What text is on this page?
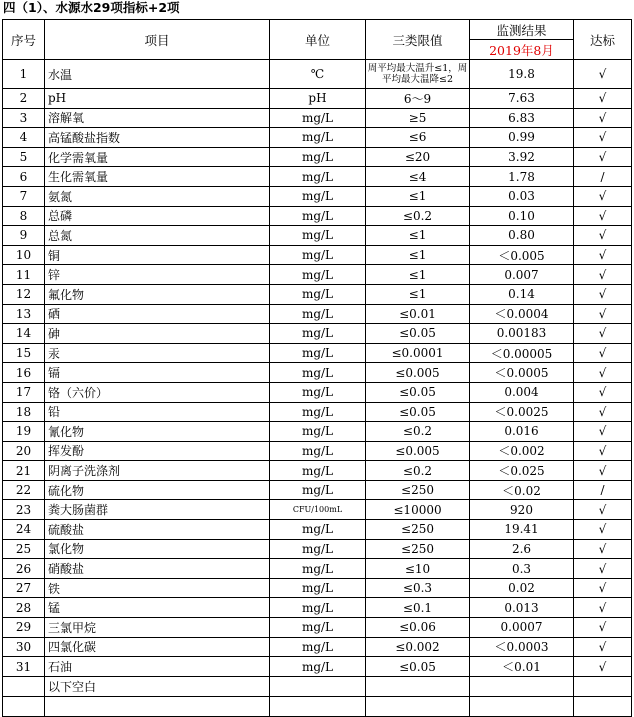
四（1）、水源水29项指标+2项
序号	项目	单位	三类限值	监测结果	达标
				2019年8月	
1	水温	℃	周平均最大温升≤1，周平均最大温降≤2	19.8	√
2	pH	pH	6～9	7.63	√
3	溶解氧	mg/L	≥5	6.83	√
4	高锰酸盐指数	mg/L	≤6	0.99	√
5	化学需氧量	mg/L	≤20	3.92	√
6	生化需氧量	mg/L	≤4	1.78	/
7	氨氮	mg/L	≤1	0.03	√
8	总磷	mg/L	≤0.2	0.10	√
9	总氮	mg/L	≤1	0.80	√
10	铜	mg/L	≤1	＜0.005	√
11	锌	mg/L	≤1	0.007	√
12	氟化物	mg/L	≤1	0.14	√
13	硒	mg/L	≤0.01	＜0.0004	√
14	砷	mg/L	≤0.05	0.00183	√
15	汞	mg/L	≤0.0001	＜0.00005	√
16	镉	mg/L	≤0.005	＜0.0005	√
17	铬（六价）	mg/L	≤0.05	0.004	√
18	铅	mg/L	≤0.05	＜0.0025	√
19	氰化物	mg/L	≤0.2	0.016	√
20	挥发酚	mg/L	≤0.005	＜0.002	√
21	阴离子洗涤剂	mg/L	≤0.2	＜0.025	√
22	硫化物	mg/L	≤250	＜0.02	/
23	粪大肠菌群	CFU/100mL	≤10000	920	√
24	硫酸盐	mg/L	≤250	19.41	√
25	氯化物	mg/L	≤250	2.6	√
26	硝酸盐	mg/L	≤10	0.3	√
27	铁	mg/L	≤0.3	0.02	√
28	锰	mg/L	≤0.1	0.013	√
29	三氯甲烷	mg/L	≤0.06	0.0007	√
30	四氯化碳	mg/L	≤0.002	＜0.0003	√
31	石油	mg/L	≤0.05	＜0.01	√
	以下空白				
